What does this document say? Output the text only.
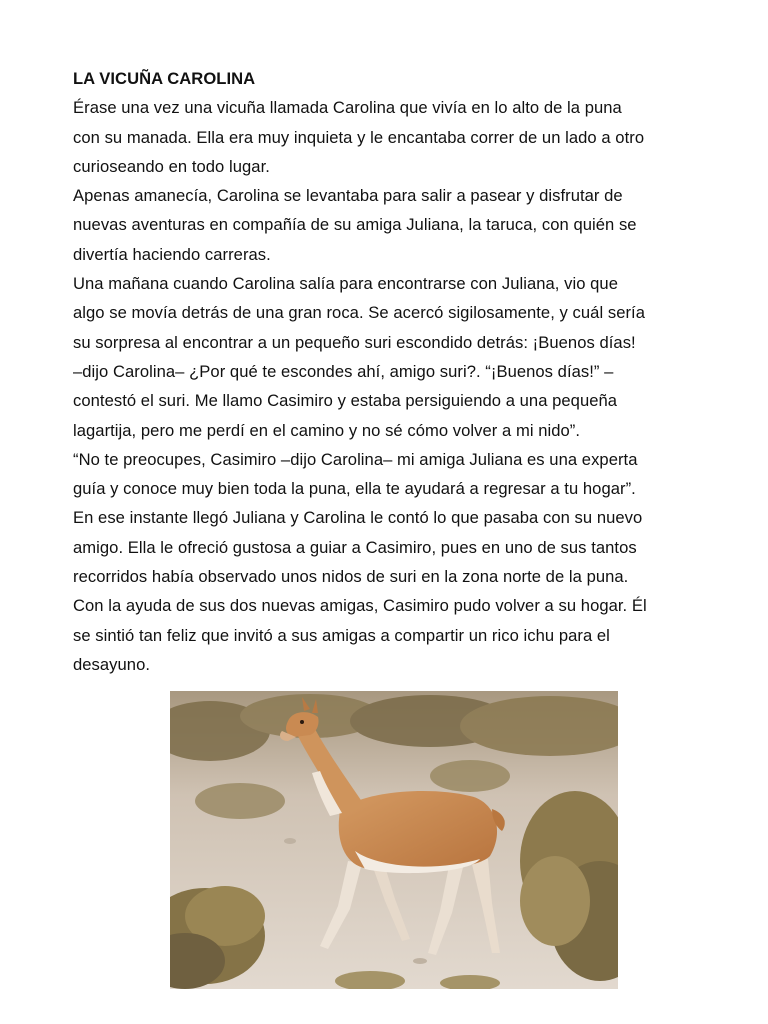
LA VICUÑA CAROLINA

Érase una vez una vicuña llamada Carolina que vivía en lo alto de la puna

con su manada. Ella era muy inquieta y le encantaba correr de un lado a otro

curioseando en todo lugar.

Apenas amanecía, Carolina se levantaba para salir a pasear y disfrutar de

nuevas aventuras en compañía de su amiga Juliana, la taruca, con quién se

divertía haciendo carreras.

Una mañana cuando Carolina salía para encontrarse con Juliana, vio que

algo se movía detrás de una gran roca. Se acercó sigilosamente, y cuál sería

su sorpresa al encontrar a un pequeño suri escondido detrás: ¡Buenos días!

–dijo Carolina– ¿Por qué te escondes ahí, amigo suri?. “¡Buenos días!” –

contestó el suri. Me llamo Casimiro y estaba persiguiendo a una pequeña

lagartija, pero me perdí en el camino y no sé cómo volver a mi nido”.

“No te preocupes, Casimiro –dijo Carolina– mi amiga Juliana es una experta

guía y conoce muy bien toda la puna, ella te ayudará a regresar a tu hogar”.

En ese instante llegó Juliana y Carolina le contó lo que pasaba con su nuevo

amigo. Ella le ofreció gustosa a guiar a Casimiro, pues en uno de sus tantos

recorridos había observado unos nidos de suri en la zona norte de la puna.

Con la ayuda de sus dos nuevas amigas, Casimiro pudo volver a su hogar. Él

se sintió tan feliz que invitó a sus amigas a compartir un rico ichu para el

desayuno.
